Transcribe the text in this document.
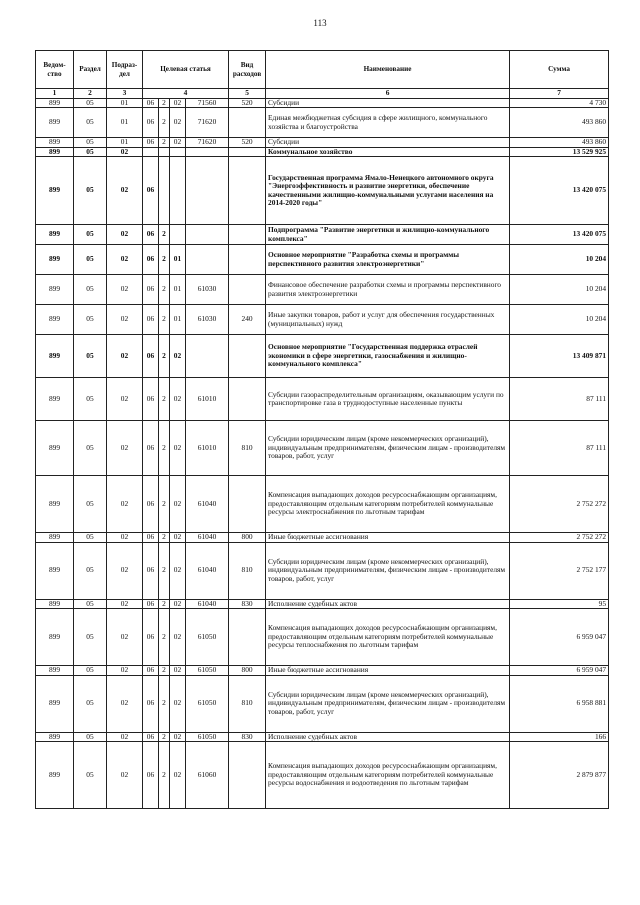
113
Ведом-ство	Раздел	Подраз-дел	Целевая статья				Вид расходов	Наименование	Сумма
1	2	3	4				5	6	7
899	05	01	06	2	02	71560	520	Субсидии	4 730
899	05	01	06	2	02	71620		Единая межбюджетная субсидия в сфере жилищного, коммунального хозяйства и благоустройства	493 860
899	05	01	06	2	02	71620	520	Субсидии	493 860
899	05	02						Коммунальное хозяйство	13 529 925
899	05	02	06					Государственная программа Ямало-Ненецкого автономного округа "Энергоэффективность и развитие энергетики, обеспечение качественными жилищно-коммунальными услугами населения на 2014-2020 годы"	13 420 075
899	05	02	06	2				Подпрограмма "Развитие энергетики и жилищно-коммунального комплекса"	13 420 075
899	05	02	06	2	01			Основное мероприятие "Разработка схемы и программы перспективного развития электроэнергетики"	10 204
899	05	02	06	2	01	61030		Финансовое обеспечение разработки схемы и программы перспективного развития электроэнергетики	10 204
899	05	02	06	2	01	61030	240	Иные закупки товаров, работ и услуг для обеспечения государственных (муниципальных) нужд	10 204
899	05	02	06	2	02			Основное мероприятие "Государственная поддержка отраслей экономики в сфере энергетики, газоснабжения и жилищно-коммунального комплекса"	13 409 871
899	05	02	06	2	02	61010		Субсидии газораспределительным организациям, оказывающим услуги по транспортировке газа в труднодоступные населенные пункты	87 111
899	05	02	06	2	02	61010	810	Субсидии юридическим лицам (кроме некоммерческих организаций), индивидуальным предпринимателям, физическим лицам - производителям товаров, работ, услуг	87 111
899	05	02	06	2	02	61040		Компенсация выпадающих доходов ресурсоснабжающим организациям, предоставляющим отдельным категориям потребителей коммунальные ресурсы электроснабжения по льготным тарифам	2 752 272
899	05	02	06	2	02	61040	800	Иные бюджетные ассигнования	2 752 272
899	05	02	06	2	02	61040	810	Субсидии юридическим лицам (кроме некоммерческих организаций), индивидуальным предпринимателям, физическим лицам - производителям товаров, работ, услуг	2 752 177
899	05	02	06	2	02	61040	830	Исполнение судебных актов	95
899	05	02	06	2	02	61050		Компенсация выпадающих доходов ресурсоснабжающим организациям, предоставляющим отдельным категориям потребителей коммунальные ресурсы теплоснабжения по льготным тарифам	6 959 047
899	05	02	06	2	02	61050	800	Иные бюджетные ассигнования	6 959 047
899	05	02	06	2	02	61050	810	Субсидии юридическим лицам (кроме некоммерческих организаций), индивидуальным предпринимателям, физическим лицам - производителям товаров, работ, услуг	6 958 881
899	05	02	06	2	02	61050	830	Исполнение судебных актов	166
899	05	02	06	2	02	61060		Компенсация выпадающих доходов ресурсоснабжающим организациям, предоставляющим отдельным категориям потребителей коммунальные ресурсы водоснабжения и водоотведения по льготным тарифам	2 879 877
